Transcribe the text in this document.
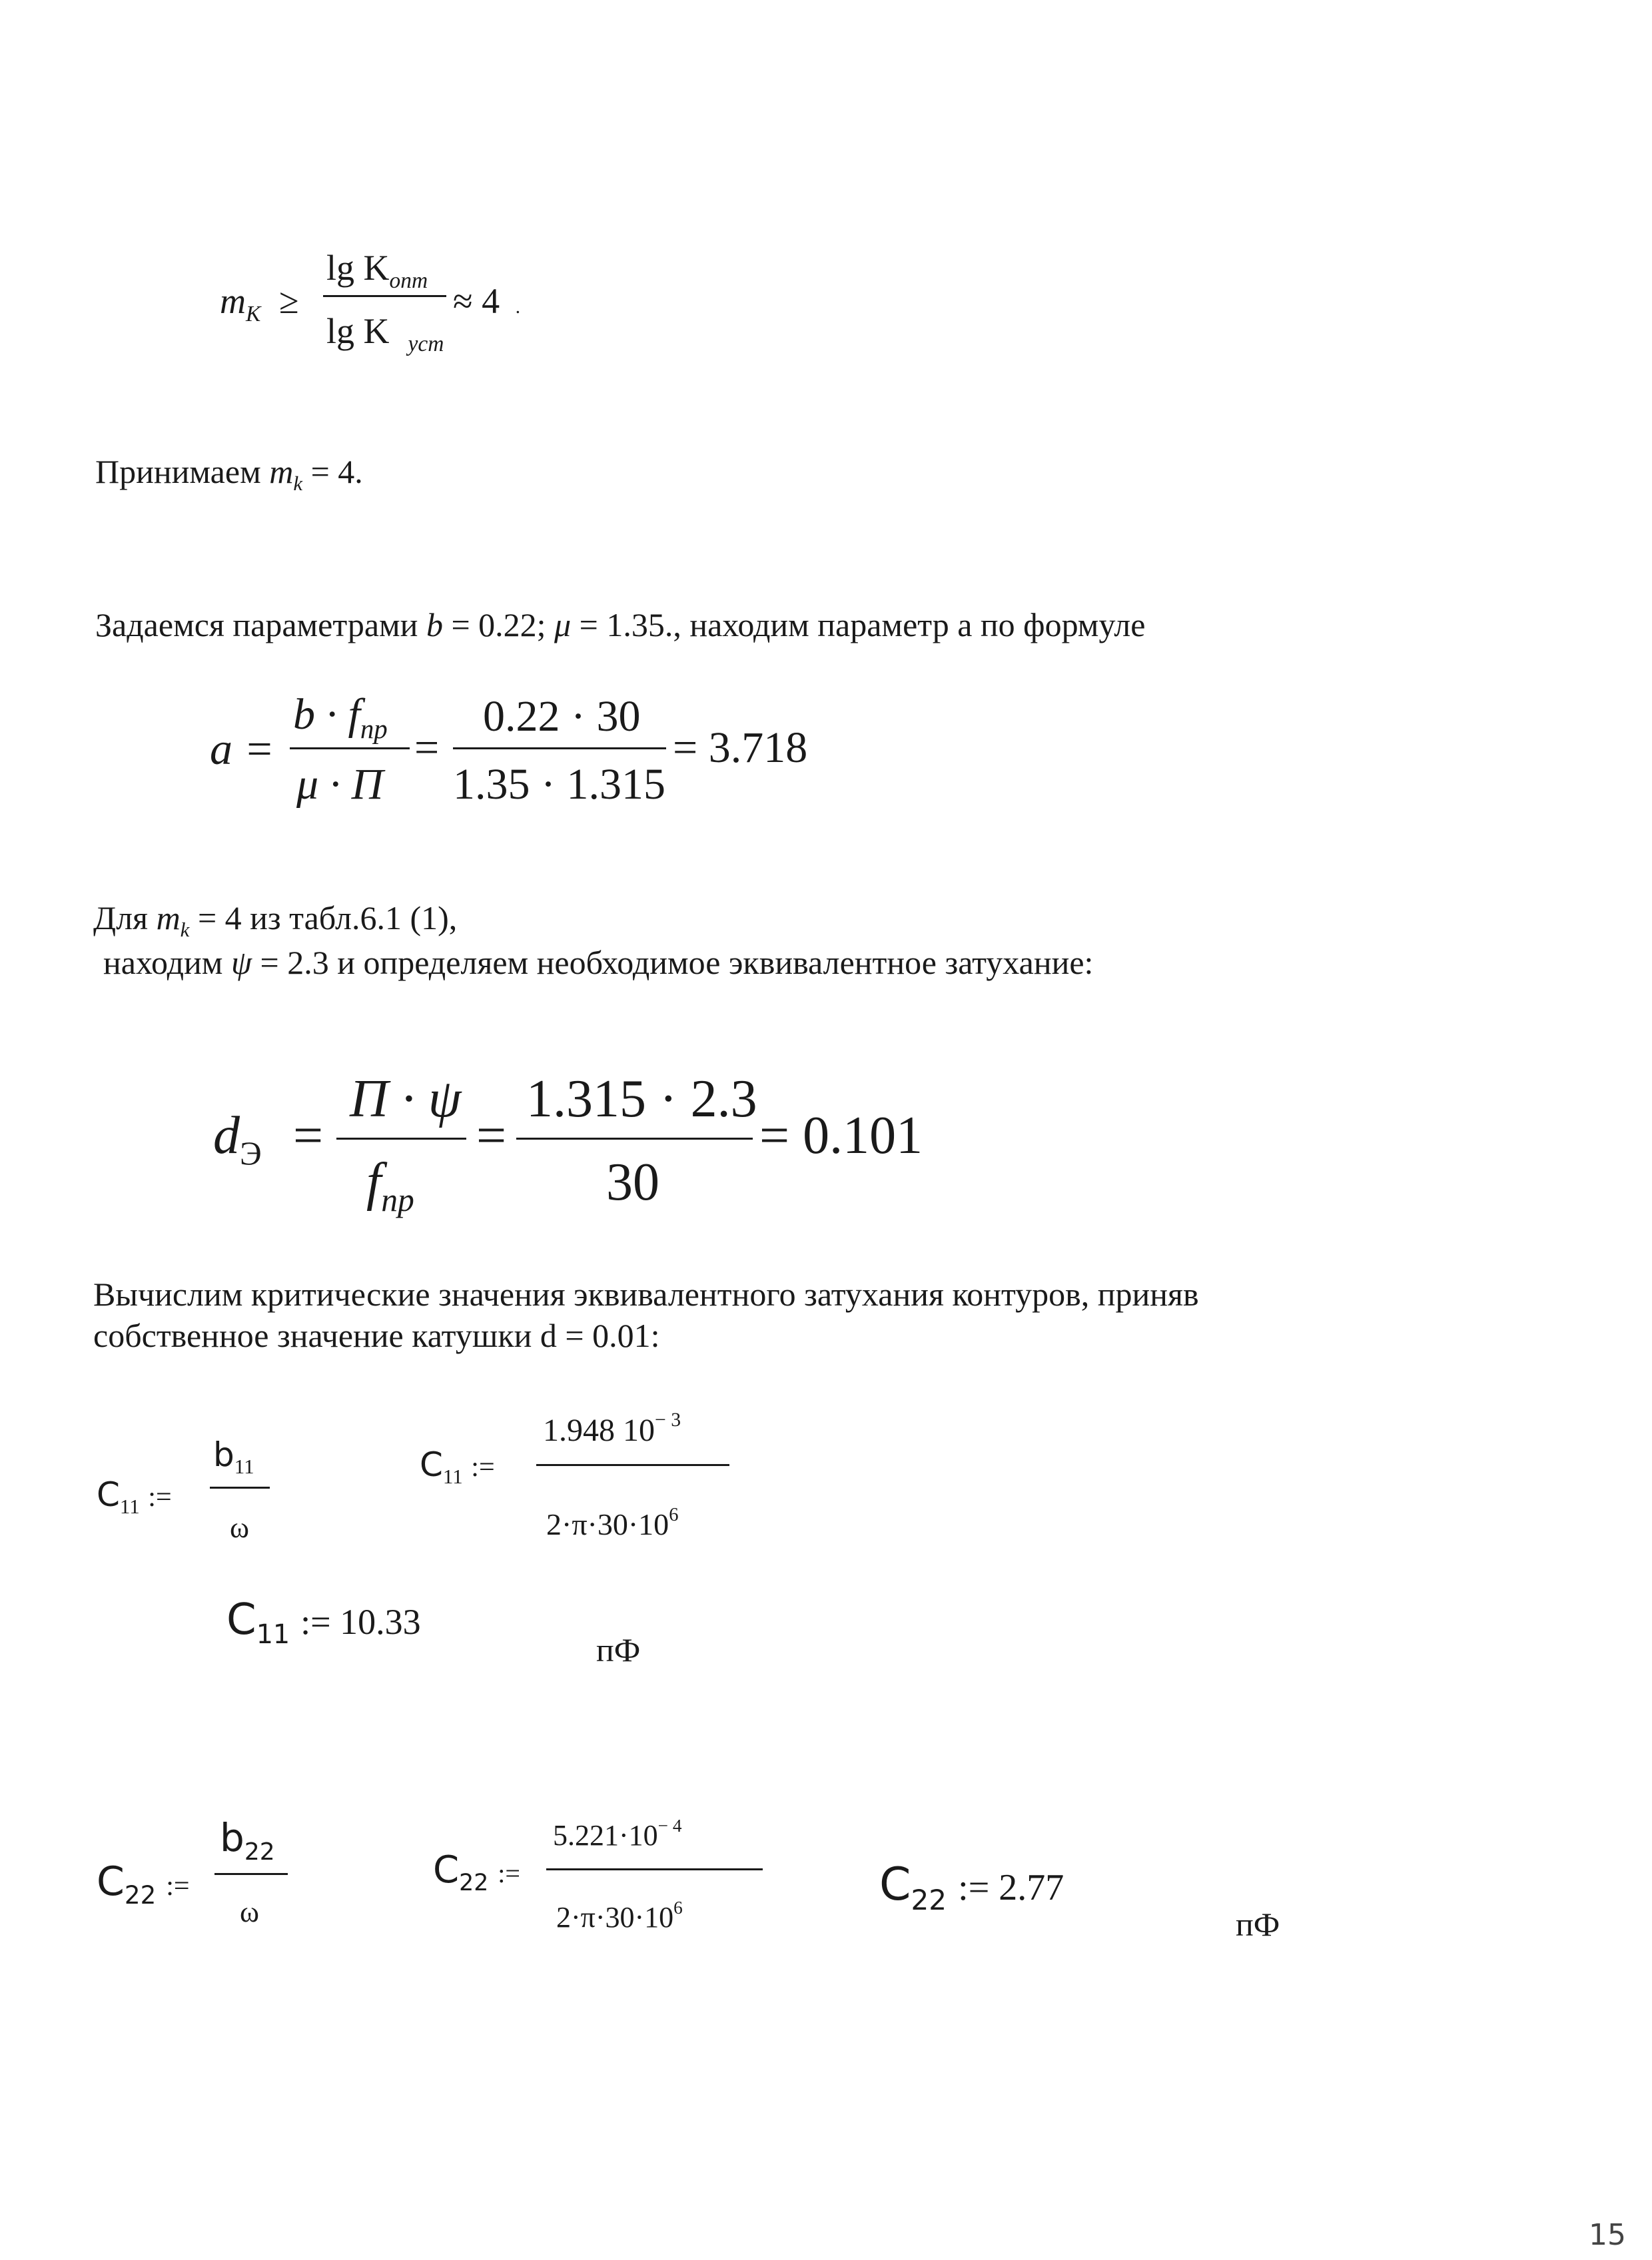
$m_K$ ≥
$\lg K_{опт}$
lg K $_{уст}$
≈ 4 .
Принимаем $m_k = 4$.
Задаемся параметрами b = 0.22; μ = 1.35., находим параметр а по формуле
a =
$b \cdot f_{пр}$
μ · Π
=
0.22 · 30
1.35 · 1.315
= 3.718
Для $m_k = 4$ из табл.6.1 (1),
находим ψ = 2.3 и определяем необходимое эквивалентное затухание:
$d_Э$ =
Π · ψ
$f_{пр}$
=
1.315 · 2.3
30
= 0.101
Вычислим критические значения эквивалентного затухания контуров, приняв
собственное значение катушки d = 0.01:
$C_{11}$ :=
$b_{11}$
ω
$C_{11}$ :=
1.948 $10^{- 3}$
$2\cdot\pi\cdot 30\cdot 10^6$
$C_{11}$ := 10.33
пФ
$C_{22}$ :=
$b_{22}$
ω
$C_{22}$ :=
$5.221\cdot 10^{- 4}$
$2\cdot\pi\cdot 30\cdot 10^6$	$C_{22}$ := 2.77
пФ
15
